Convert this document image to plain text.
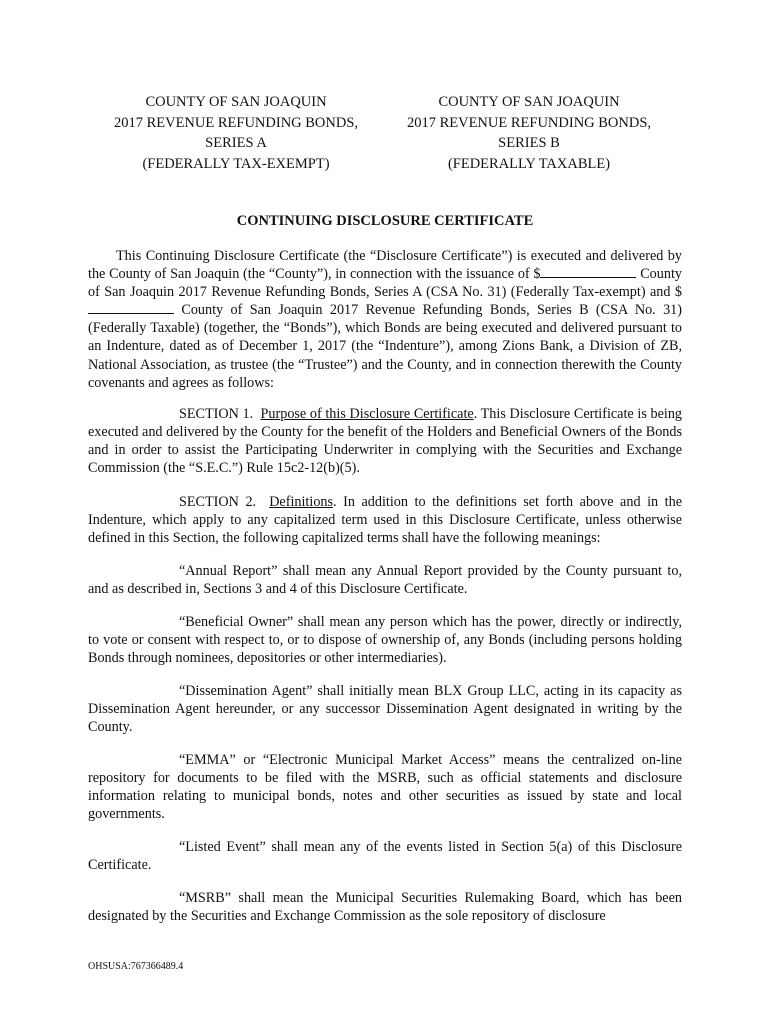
COUNTY OF SAN JOAQUIN
2017 REVENUE REFUNDING BONDS,
SERIES A
(FEDERALLY TAX-EXEMPT)
COUNTY OF SAN JOAQUIN
2017 REVENUE REFUNDING BONDS,
SERIES B
(FEDERALLY TAXABLE)
CONTINUING DISCLOSURE CERTIFICATE

This Continuing Disclosure Certificate (the “Disclosure Certificate”) is executed and delivered by the County of San Joaquin (the “County”), in connection with the issuance of $	County of San Joaquin 2017 Revenue Refunding Bonds, Series A (CSA No. 31) (Federally Tax-exempt) and $ County of San Joaquin 2017 Revenue Refunding Bonds, Series B (CSA No. 31) (Federally Taxable) (together, the “Bonds”), which Bonds are being executed and delivered pursuant to an Indenture, dated as of December 1, 2017 (the “Indenture”), among Zions Bank, a Division of ZB, National Association, as trustee (the “Trustee”) and the County, and in connection therewith the County covenants and agrees as follows:

SECTION 1. Purpose of this Disclosure Certificate. This Disclosure Certificate is being executed and delivered by the County for the benefit of the Holders and Beneficial Owners of the Bonds and in order to assist the Participating Underwriter in complying with the Securities and Exchange Commission (the “S.E.C.”) Rule 15c2-12(b)(5).

SECTION 2. Definitions. In addition to the definitions set forth above and in the Indenture, which apply to any capitalized term used in this Disclosure Certificate, unless otherwise defined in this Section, the following capitalized terms shall have the following meanings:

“Annual Report” shall mean any Annual Report provided by the County pursuant to, and as described in, Sections 3 and 4 of this Disclosure Certificate.

“Beneficial Owner” shall mean any person which has the power, directly or indirectly, to vote or consent with respect to, or to dispose of ownership of, any Bonds (including persons holding Bonds through nominees, depositories or other intermediaries).

“Dissemination Agent” shall initially mean BLX Group LLC, acting in its capacity as Dissemination Agent hereunder, or any successor Dissemination Agent designated in writing by the County.

“EMMA” or “Electronic Municipal Market Access” means the centralized on-line repository for documents to be filed with the MSRB, such as official statements and disclosure information relating to municipal bonds, notes and other securities as issued by state and local governments.

“Listed Event” shall mean any of the events listed in Section 5(a) of this Disclosure Certificate.

“MSRB” shall mean the Municipal Securities Rulemaking Board, which has been designated by the Securities and Exchange Commission as the sole repository of disclosure

OHSUSA:767366489.4
